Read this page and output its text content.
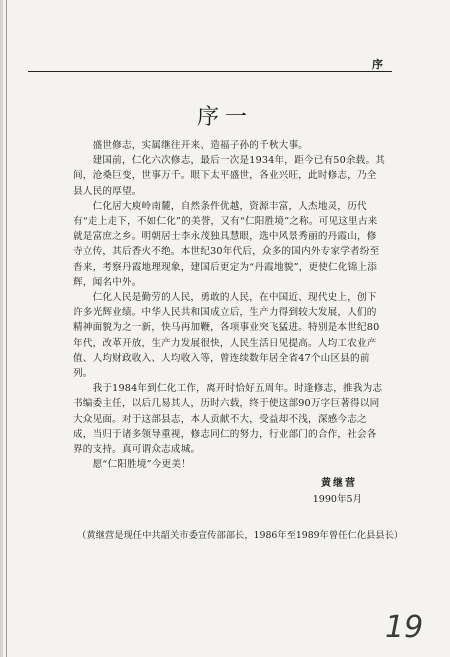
序
序一

　　盛世修志，实属继往开来、造福子孙的千秋大事。

　　建国前，仁化六次修志，最后一次是1934年，距今已有50余载。其间，沧桑巨变，世事万千。眼下太平盛世，各业兴旺，此时修志，乃全县人民的厚望。

　　仁化居大庾岭南麓，自然条件优越，资源丰富，人杰地灵，历代有“走上走下，不如仁化”的美誉，又有“仁阳胜境”之称。可见这里古来就是富庶之乡。明朝居士李永茂独具慧眼，选中风景秀丽的丹霞山，修寺立传，其后香火不绝。本世纪30年代后，众多的国内外专家学者纷至沓来，考察丹霞地理现象，建国后更定为“丹霞地貌”，更使仁化锦上添辉，闻名中外。

　　仁化人民是勤劳的人民，勇敢的人民，在中国近、现代史上，创下许多光辉业绩。中华人民共和国成立后，生产力得到较大发展，人们的精神面貌为之一新，快马再加鞭，各项事业突飞猛进。特别是本世纪80年代，改革开放，生产力发展很快，人民生活日见提高。人均工农业产值、人均财政收入、人均收入等，曾连续数年居全省47个山区县的前列。

　　我于1984年到仁化工作，离开时恰好五周年。时逢修志，推我为志书编委主任，以后几易其人，历时六载，终于使这部90万字巨著得以同大众见面。对于这部县志，本人贡献不大，受益却不浅，深感今志之成，当归于诸多领导重视，修志同仁的努力，行业部门的合作，社会各界的支持。真可谓众志成城。

　　愿“仁阳胜境”今更美！

黄继营
1990年5月
（黄继营是现任中共韶关市委宣传部部长，1986年至1989年曾任仁化县县长）
19
